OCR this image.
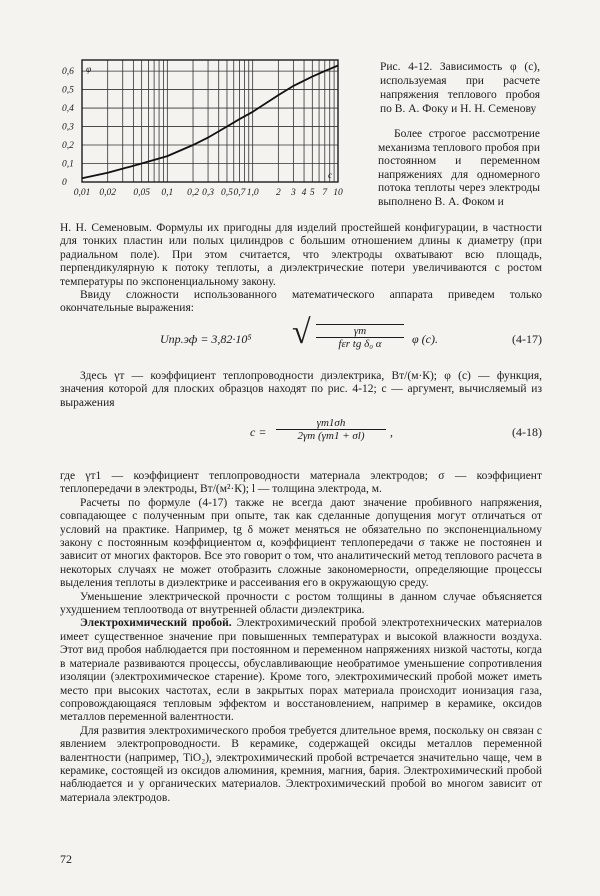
0,6
0,5
0,4
0,3
0,2
0,1
0
0,01 0,02 0,05 0,1 0,2 0,3 0,5 0,7 1,0 2 3 4 5 7 10
φ
c
Рис. 4-12. Зависимость φ (c), используемая при расчете напряжения теплового пробоя по В. А. Фоку и Н. Н. Семенову
Более строгое рассмотрение механизма теплового пробоя при постоянном и переменном напряжениях для одномерного потока теплоты через электроды выполнено В. А. Фоком и

Н. Н. Семеновым. Формулы их пригодны для изделий простейшей конфигурации, в частности для тонких пластин или полых цилиндров с большим отношением длины к диаметру (при радиальном поле). При этом считается, что электроды охватывают всю площадь, перпендикулярную к потоку теплоты, а диэлектрические потери увеличиваются с ростом температуры по экспоненциальному закону.

Ввиду сложности использованного математического аппарата приведем только окончательные выражения:

Uпр.эф = 3,82·10⁵ √	γт
fεr tg δ₀ α	φ (c).	(4-17)

Здесь γт — коэффициент теплопроводности диэлектрика, Вт/(м·К); φ (c) — функция, значения которой для плоских образцов находят по рис. 4-12; c — аргумент, вычисляемый из выражения

c =
γт1σh
2γт (γт1 + σl)	,	(4-18)

где γт1 — коэффициент теплопроводности материала электродов; σ — коэффициент теплопередачи в электроды, Вт/(м²·К); l — толщина электрода, м.

Расчеты по формуле (4-17) также не всегда дают значение пробивного напряжения, совпадающее с полученным при опыте, так как сделанные допущения могут отличаться от условий на практике. Например, tg δ может меняться не обязательно по экспоненциальному закону с постоянным коэффициентом α, коэффициент теплопередачи σ также не постоянен и зависит от многих факторов. Все это говорит о том, что аналитический метод теплового расчета в некоторых случаях не может отобразить сложные закономерности, определяющие процессы выделения теплоты в диэлектрике и рассеивания его в окружающую среду.

Уменьшение электрической прочности с ростом толщины в данном случае объясняется ухудшением теплоотвода от внутренней области диэлектрика.

Электрохимический пробой. Электрохимический пробой электротехнических материалов имеет существенное значение при повышенных температурах и высокой влажности воздуха. Этот вид пробоя наблюдается при постоянном и переменном напряжениях низкой частоты, когда в материале развиваются процессы, обуславливающие необратимое уменьшение сопротивления изоляции (электрохимическое старение). Кроме того, электрохимический пробой может иметь место при высоких частотах, если в закрытых порах материала происходит ионизация газа, сопровождающаяся тепловым эффектом и восстановлением, например в керамике, оксидов металлов переменной валентности.

Для развития электрохимического пробоя требуется длительное время, поскольку он связан с явлением электропроводности. В керамике, содержащей оксиды металлов переменной валентности (например, TiO₂), электрохимический пробой встречается значительно чаще, чем в керамике, состоящей из оксидов алюминия, кремния, магния, бария. Электрохимический пробой наблюдается и у органических материалов. Электрохимический пробой во многом зависит от материала электродов.

72
